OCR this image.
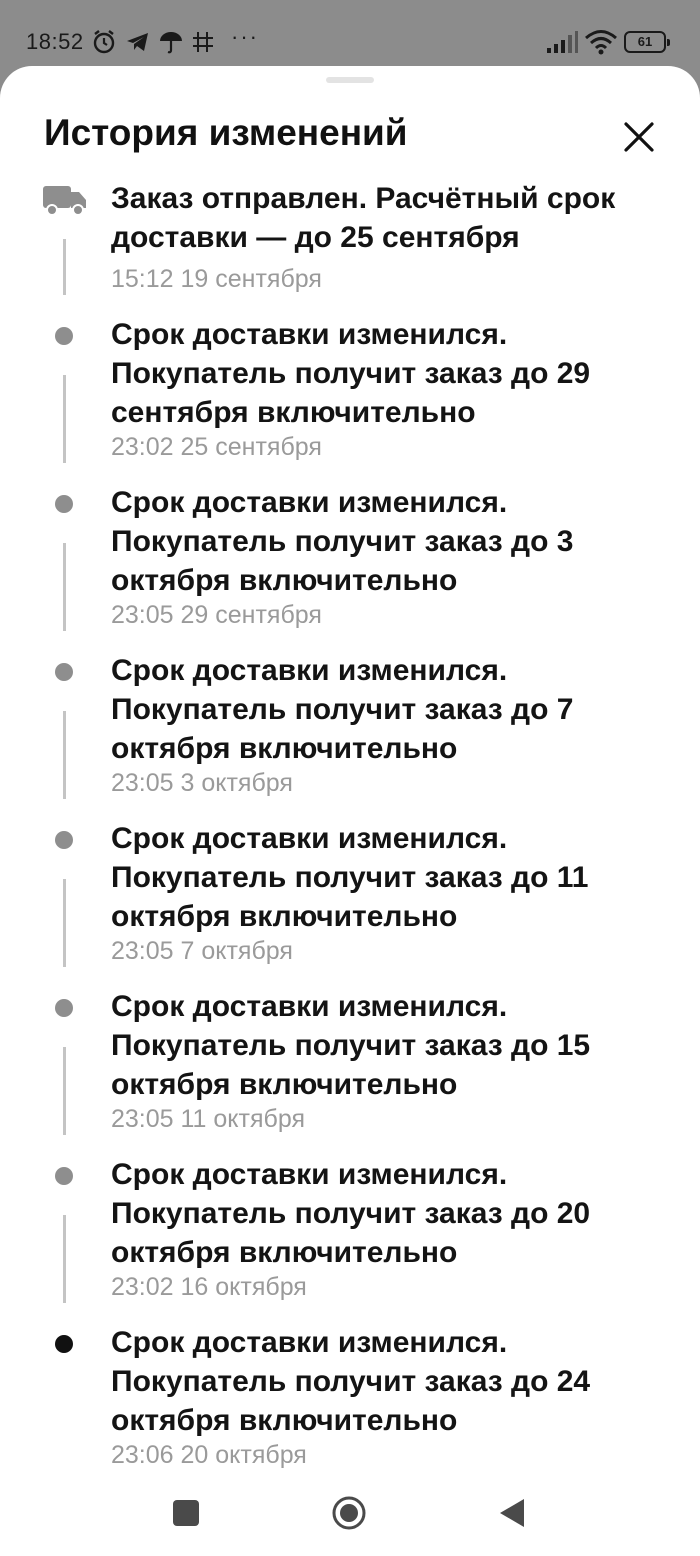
18:52	···	61
История изменений
Заказ отправлен. Расчётный срок доставки — до 25 сентября
15:12 19 сентября
Срок доставки изменился. Покупатель получит заказ до 29 сентября включительно
23:02 25 сентября
Срок доставки изменился. Покупатель получит заказ до 3 октября включительно
23:05 29 сентября
Срок доставки изменился. Покупатель получит заказ до 7 октября включительно
23:05 3 октября
Срок доставки изменился. Покупатель получит заказ до 11 октября включительно
23:05 7 октября
Срок доставки изменился. Покупатель получит заказ до 15 октября включительно
23:05 11 октября
Срок доставки изменился. Покупатель получит заказ до 20 октября включительно
23:02 16 октября
Срок доставки изменился. Покупатель получит заказ до 24 октября включительно
23:06 20 октября
